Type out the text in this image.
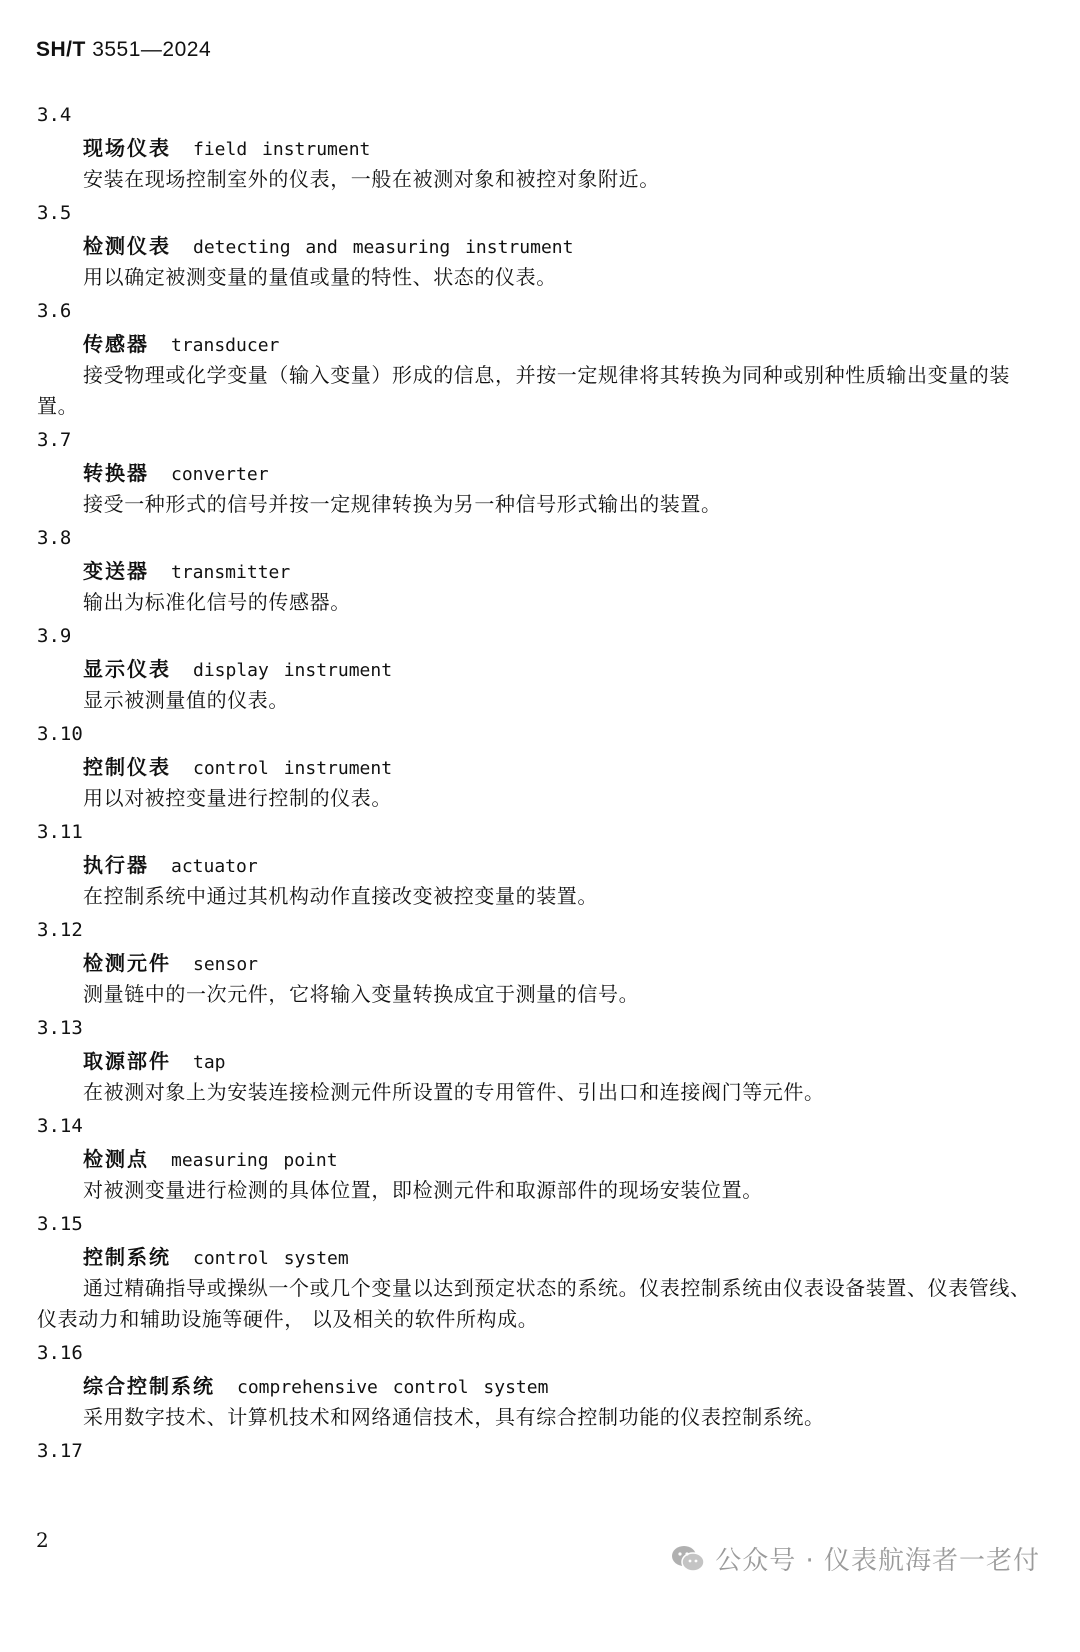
SH/T 3551—2024
3.4
现场仪表 field instrument
安装在现场控制室外的仪表，一般在被测对象和被控对象附近。
3.5
检测仪表 detecting and measuring instrument
用以确定被测变量的量值或量的特性、状态的仪表。
3.6
传感器 transducer
接受物理或化学变量（输入变量）形成的信息，并按一定规律将其转换为同种或别种性质输出变量的装置。
3.7
转换器 converter
接受一种形式的信号并按一定规律转换为另一种信号形式输出的装置。
3.8
变送器 transmitter
输出为标准化信号的传感器。
3.9
显示仪表 display instrument
显示被测量值的仪表。
3.10
控制仪表 control instrument
用以对被控变量进行控制的仪表。
3.11
执行器 actuator
在控制系统中通过其机构动作直接改变被控变量的装置。
3.12
检测元件 sensor
测量链中的一次元件，它将输入变量转换成宜于测量的信号。
3.13
取源部件 tap
在被测对象上为安装连接检测元件所设置的专用管件、引出口和连接阀门等元件。
3.14
检测点 measuring point
对被测变量进行检测的具体位置，即检测元件和取源部件的现场安装位置。
3.15
控制系统 control system
通过精确指导或操纵一个或几个变量以达到预定状态的系统。仪表控制系统由仪表设备装置、仪表管线、仪表动力和辅助设施等硬件， 以及相关的软件所构成。
3.16
综合控制系统 comprehensive control system
采用数字技术、计算机技术和网络通信技术，具有综合控制功能的仪表控制系统。
3.17
2
公众号 · 仪表航海者一老付
